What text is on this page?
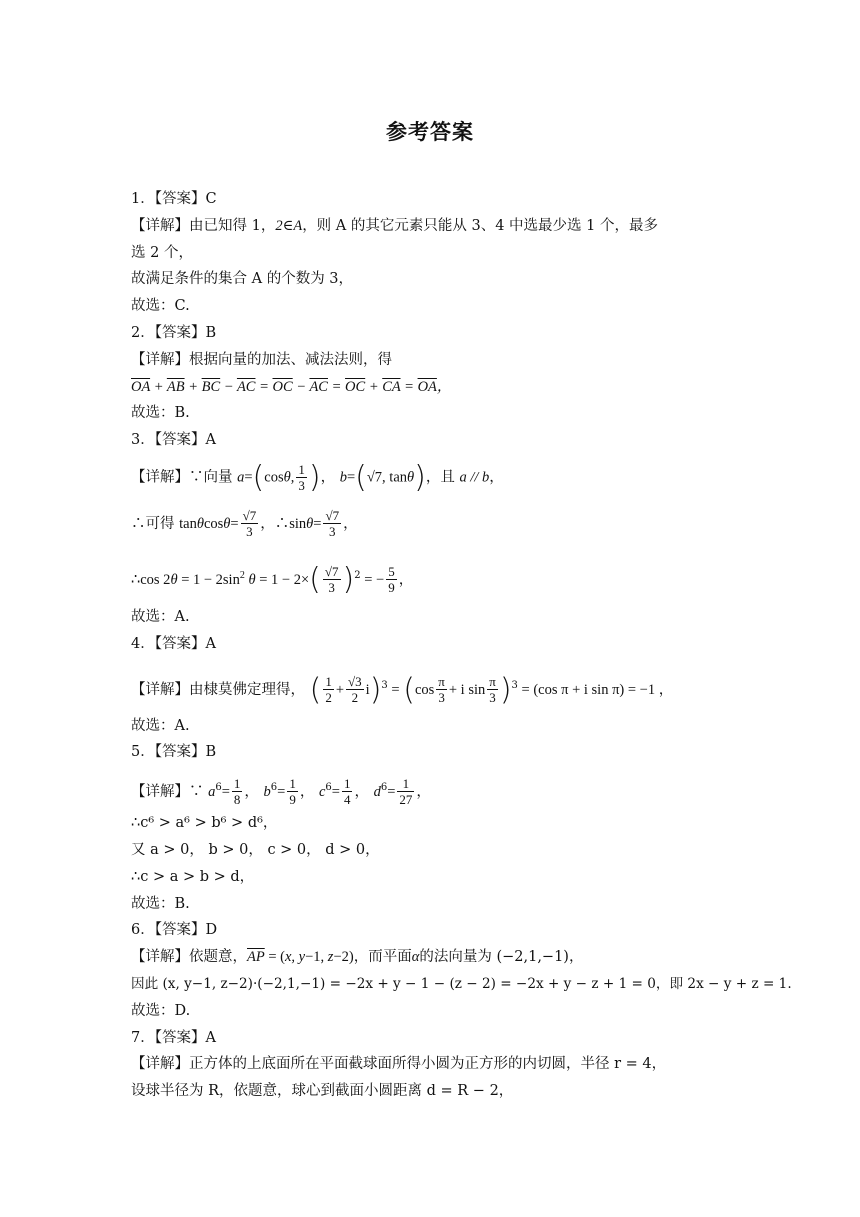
参考答案
1．【答案】C
【详解】由已知得 1，2∈A，则 A 的其它元素只能从 3、4 中选最少选 1 个，最多
选 2 个，
故满足条件的集合 A 的个数为 3，
故选：C.
2．【答案】B
【详解】根据向量的加法、减法法则，得
$\overline{OA} + \overline{AB} + \overline{BC} - \overline{AC} = \overline{OC} - \overline{AC} = \overline{OC} + \overline{CA} = \overline{OA}$，
故选：B.
3．【答案】A
【详解】∵向量 a=(cosθ, $\frac{1}{3}$ )， b=(√7, tanθ)，且 a // b，
∴可得 $\tan\theta\cos\theta= \frac{√7}{3}$ ，∴sinθ= $\frac{√7}{3}$ ，
∴cos $2\theta = 1 - 2\sin^2$ $\theta = 1 - 2\times( \frac{√7}{3} )^2$ = − $\frac{5}{9}$ ，
故选：A.
4．【答案】A
【详解】由棣莫佛定理得， ( $\frac{1}{2} + \frac{√3}{2} i)^3 = (\cos \frac{\pi}{3} + i$ $\sin \frac{\pi}{3} )^3 = (\cos$ π + i sin π) = −1 ，
故选：A.
5．【答案】B
【详解】∵ $a^6= \frac{1}{8}$ ， $b^6= \frac{1}{9}$ ， $c^6= \frac{1}{4}$ ， $d^6= \frac{1}{27}$ ，
∴c⁶ > a⁶ > b⁶ > d⁶，
又 a > 0， b > 0， c > 0， d > 0，
∴c > a > b > d，
故选：B.
6．【答案】D
【详解】依题意，$\overline{AP} = (x$, y−1, z−2)，而平面α的法向量为 (−2,1,−1)，
因此 (x, y−1, z−2)·(−2,1,−1) = −2x + y − 1 − (z − 2) = −2x + y − z + 1 = 0，即 2x − y + z = 1.
故选：D.
7．【答案】A
【详解】正方体的上底面所在平面截球面所得小圆为正方形的内切圆，半径 r = 4，
设球半径为 R，依题意，球心到截面小圆距离 d = R − 2，
